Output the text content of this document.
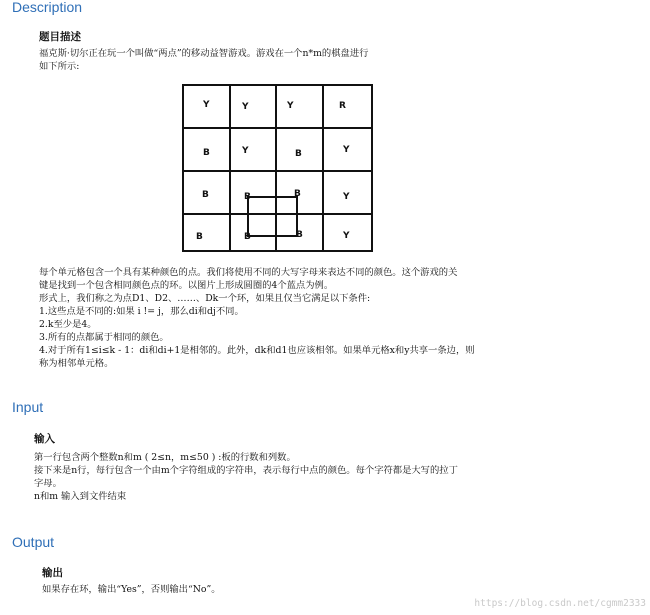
Description
题目描述
福克斯·切尔正在玩一个叫做“两点”的移动益智游戏。游戏在一个n*m的棋盘进行
如下所示:
Y	Y	Y	R
B	Y	B	Y
B	B	B	Y
B	B	B	Y
每个单元格包含一个具有某种颜色的点。我们将使用不同的大写字母来表达不同的颜色。这个游戏的关
键是找到一个包含相同颜色点的环。以图片上形成圆圈的4个蓝点为例。
形式上，我们称之为点D1、D2、……、Dk一个环，如果且仅当它满足以下条件:
1.这些点是不同的:如果 i != j，那么di和dj不同。
2.k至少是4。
3.所有的点都属于相同的颜色。
4.对于所有1≤i≤k - 1：di和di+1是相邻的。此外，dk和d1也应该相邻。如果单元格x和y共享一条边，则
称为相邻单元格。
Input
输入
第一行包含两个整数n和m ( 2≤n，m≤50 ) :板的行数和列数。
接下来是n行，每行包含一个由m个字符组成的字符串，表示每行中点的颜色。每个字符都是大写的拉丁
字母。
n和m 输入到文件结束
Output
输出
如果存在环，输出“Yes”，否则输出“No”。
https://blog.csdn.net/cgmm2333
